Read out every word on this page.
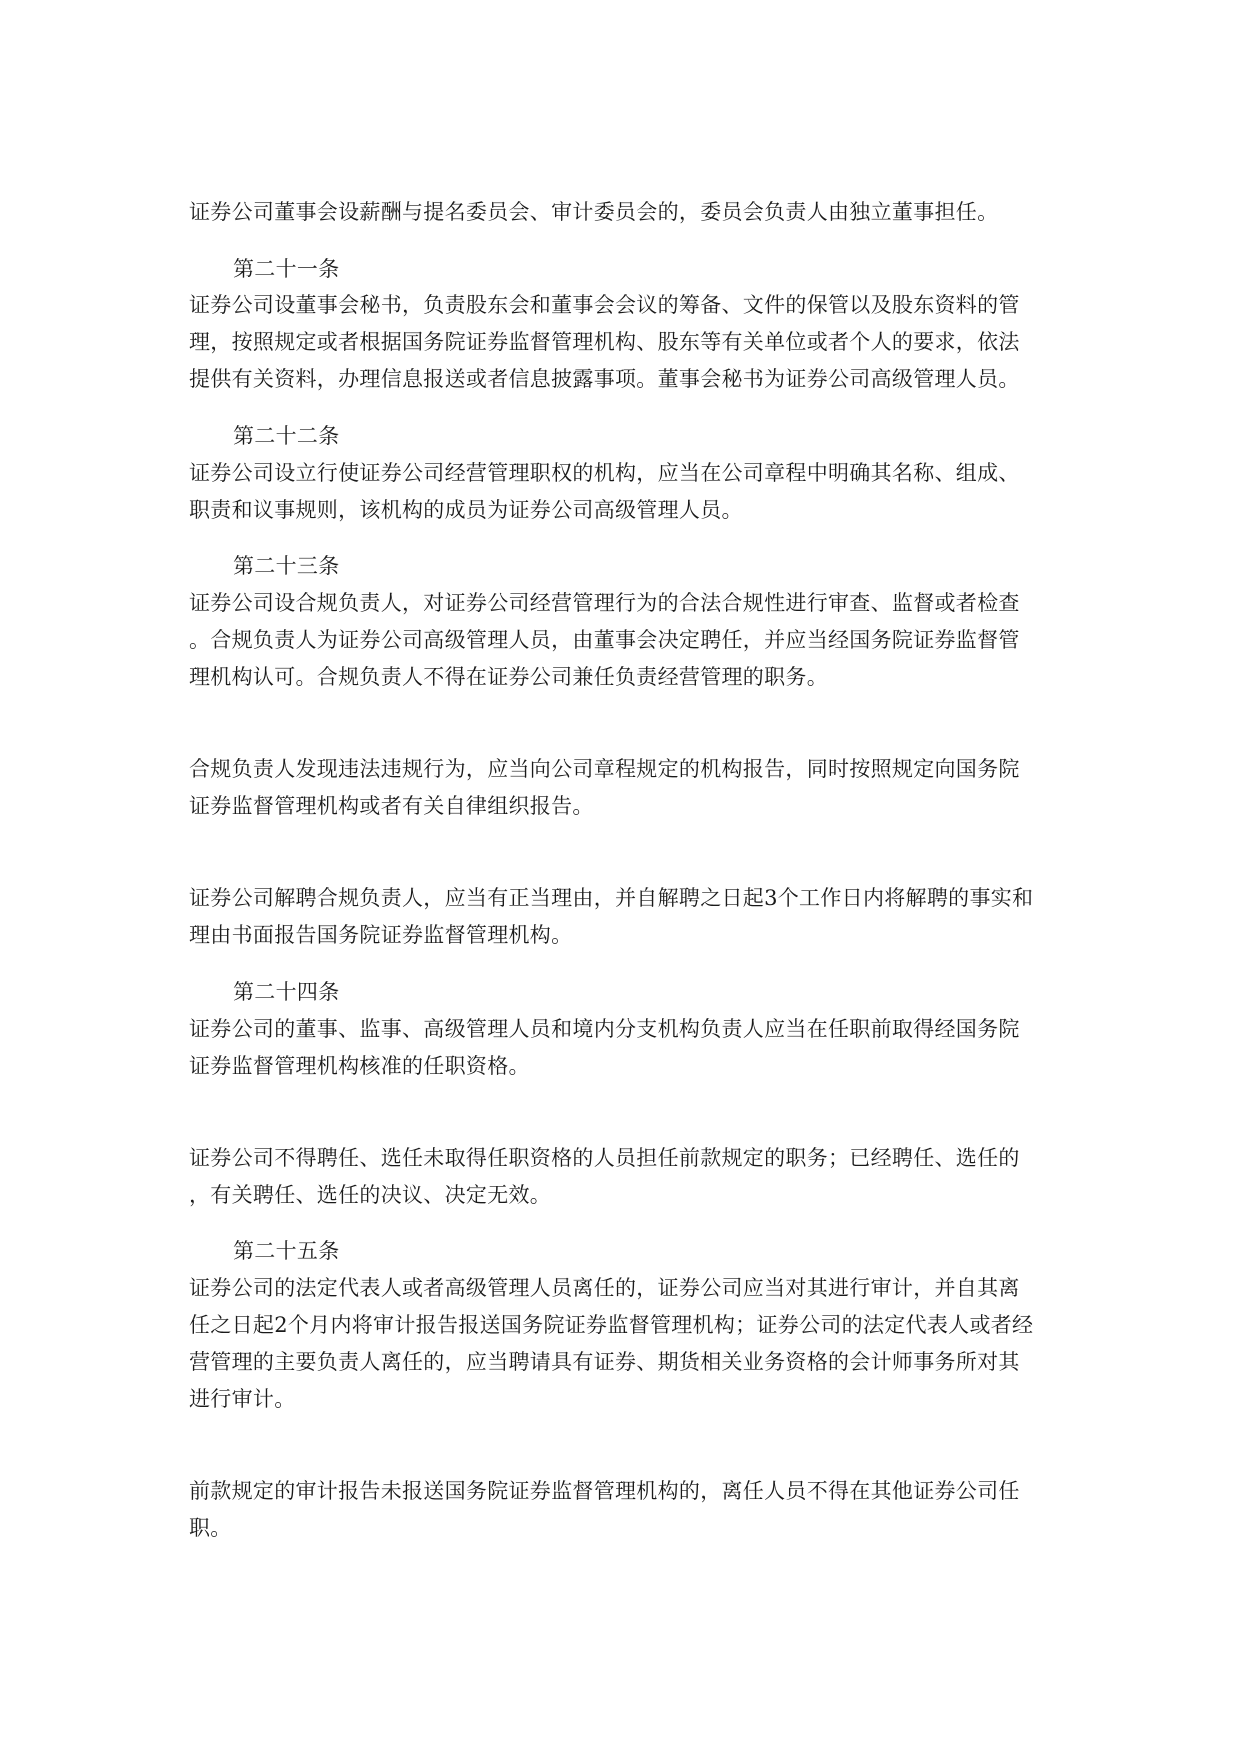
证券公司董事会设薪酬与提名委员会、审计委员会的，委员会负责人由独立董事担任。
第二十一条
证券公司设董事会秘书，负责股东会和董事会会议的筹备、文件的保管以及股东资料的管
理，按照规定或者根据国务院证券监督管理机构、股东等有关单位或者个人的要求，依法
提供有关资料，办理信息报送或者信息披露事项。董事会秘书为证券公司高级管理人员。
第二十二条
证券公司设立行使证券公司经营管理职权的机构，应当在公司章程中明确其名称、组成、
职责和议事规则，该机构的成员为证券公司高级管理人员。
第二十三条
证券公司设合规负责人，对证券公司经营管理行为的合法合规性进行审查、监督或者检查
。合规负责人为证券公司高级管理人员，由董事会决定聘任，并应当经国务院证券监督管
理机构认可。合规负责人不得在证券公司兼任负责经营管理的职务。
合规负责人发现违法违规行为，应当向公司章程规定的机构报告，同时按照规定向国务院
证券监督管理机构或者有关自律组织报告。
证券公司解聘合规负责人，应当有正当理由，并自解聘之日起3个工作日内将解聘的事实和
理由书面报告国务院证券监督管理机构。
第二十四条
证券公司的董事、监事、高级管理人员和境内分支机构负责人应当在任职前取得经国务院
证券监督管理机构核准的任职资格。
证券公司不得聘任、选任未取得任职资格的人员担任前款规定的职务；已经聘任、选任的
，有关聘任、选任的决议、决定无效。
第二十五条
证券公司的法定代表人或者高级管理人员离任的，证券公司应当对其进行审计，并自其离
任之日起2个月内将审计报告报送国务院证券监督管理机构；证券公司的法定代表人或者经
营管理的主要负责人离任的，应当聘请具有证券、期货相关业务资格的会计师事务所对其
进行审计。
前款规定的审计报告未报送国务院证券监督管理机构的，离任人员不得在其他证券公司任
职。
